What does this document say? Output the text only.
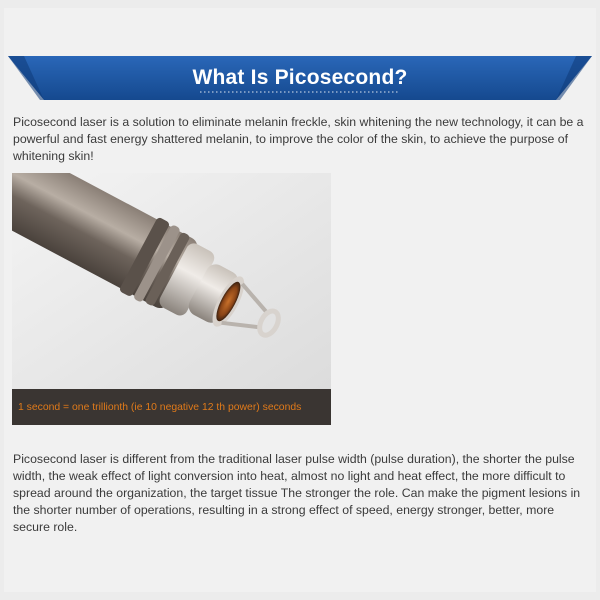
What Is Picosecond?
Picosecond laser is a solution to eliminate melanin freckle, skin whitening the new technology, it can be a powerful and fast energy shattered melanin, to improve the color of the skin, to achieve the purpose of whitening skin!
1 second = one trillionth (ie 10 negative 12 th power) seconds
Picosecond laser is different from the traditional laser pulse width (pulse duration), the shorter the pulse width, the weak effect of light conversion into heat, almost no light and heat effect, the more difficult to spread around the organization, the target tissue The stronger the role. Can make the pigment lesions in the shorter number of operations, resulting in a strong effect of speed, energy stronger, better, more secure role.
